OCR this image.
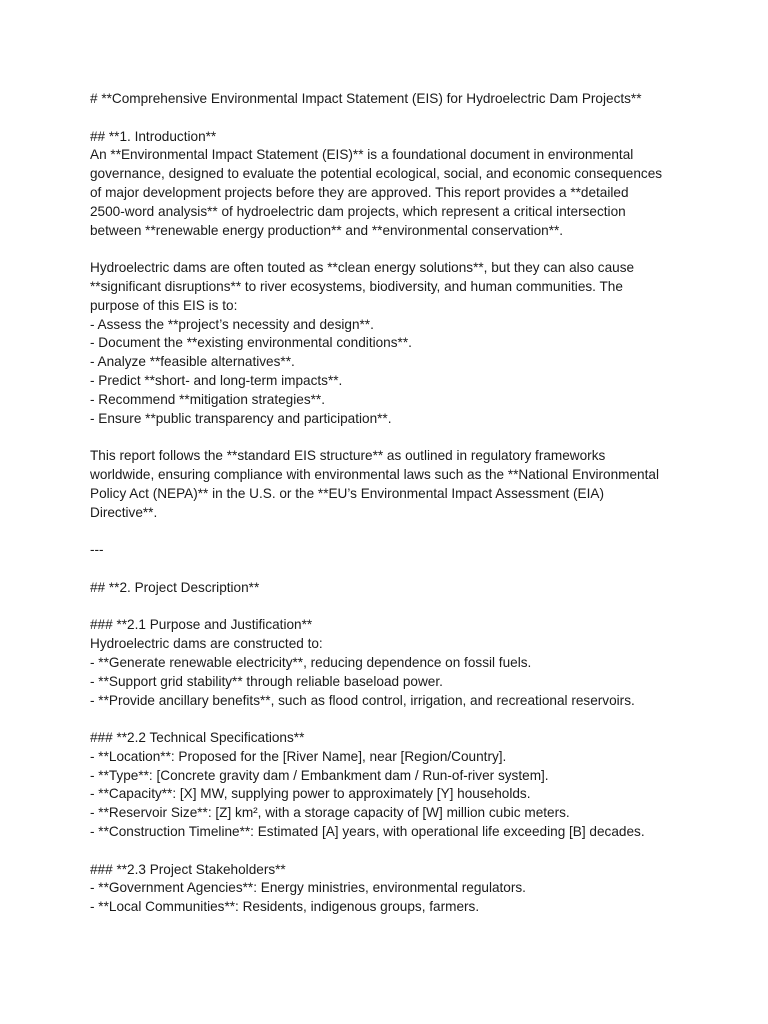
# **Comprehensive Environmental Impact Statement (EIS) for Hydroelectric Dam Projects**
## **1. Introduction**
An **Environmental Impact Statement (EIS)** is a foundational document in environmental
governance, designed to evaluate the potential ecological, social, and economic consequences
of major development projects before they are approved. This report provides a **detailed
2500-word analysis** of hydroelectric dam projects, which represent a critical intersection
between **renewable energy production** and **environmental conservation**.
Hydroelectric dams are often touted as **clean energy solutions**, but they can also cause
**significant disruptions** to river ecosystems, biodiversity, and human communities. The
purpose of this EIS is to:
- Assess the **project’s necessity and design**.
- Document the **existing environmental conditions**.
- Analyze **feasible alternatives**.
- Predict **short- and long-term impacts**.
- Recommend **mitigation strategies**.
- Ensure **public transparency and participation**.
This report follows the **standard EIS structure** as outlined in regulatory frameworks
worldwide, ensuring compliance with environmental laws such as the **National Environmental
Policy Act (NEPA)** in the U.S. or the **EU’s Environmental Impact Assessment (EIA)
Directive**.
---
## **2. Project Description**
### **2.1 Purpose and Justification**
Hydroelectric dams are constructed to:
- **Generate renewable electricity**, reducing dependence on fossil fuels.
- **Support grid stability** through reliable baseload power.
- **Provide ancillary benefits**, such as flood control, irrigation, and recreational reservoirs.
### **2.2 Technical Specifications**
- **Location**: Proposed for the [River Name], near [Region/Country].
- **Type**: [Concrete gravity dam / Embankment dam / Run-of-river system].
- **Capacity**: [X] MW, supplying power to approximately [Y] households.
- **Reservoir Size**: [Z] km², with a storage capacity of [W] million cubic meters.
- **Construction Timeline**: Estimated [A] years, with operational life exceeding [B] decades.
### **2.3 Project Stakeholders**
- **Government Agencies**: Energy ministries, environmental regulators.
- **Local Communities**: Residents, indigenous groups, farmers.
